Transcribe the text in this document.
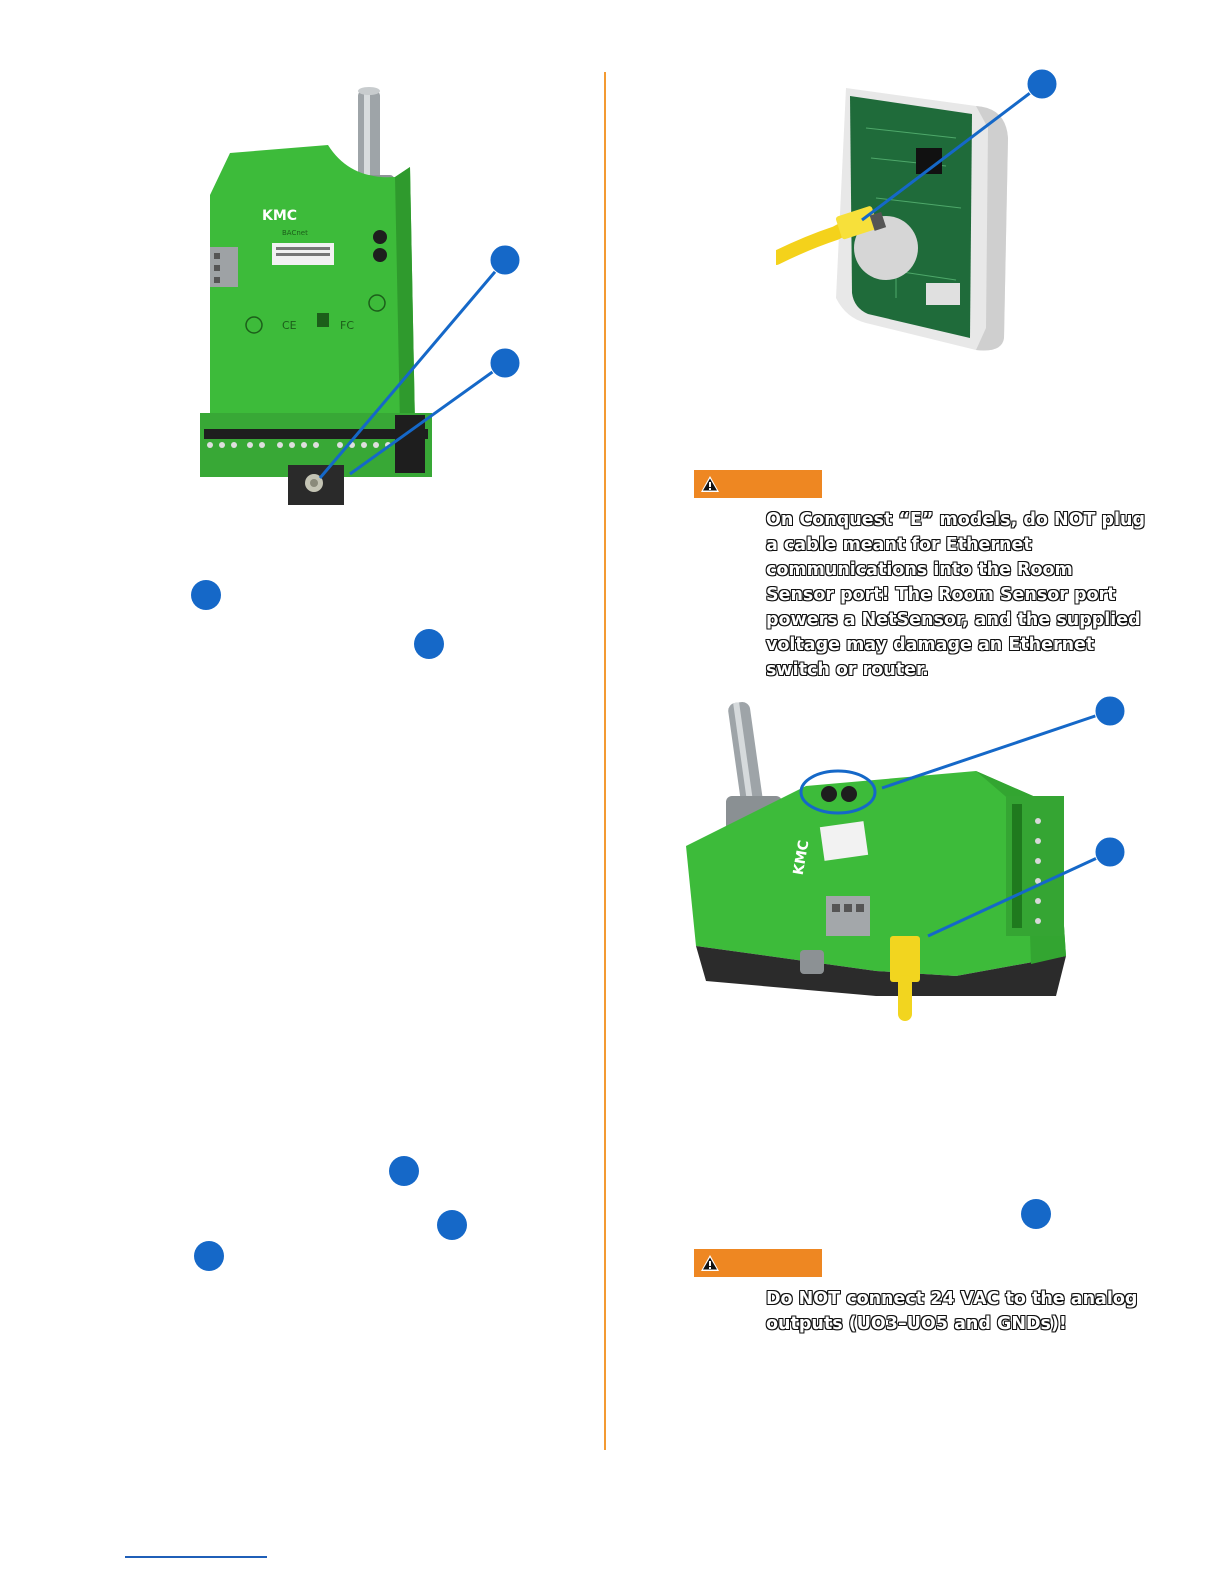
KMC
BACnet
CE	FC
On Conquest “E” models, do NOT plug a cable meant for Ethernet communications into the Room Sensor port! The Room Sensor port powers a NetSensor, and the supplied voltage may damage an Ethernet switch or router.
KMC
Do NOT connect 24 VAC to the analog outputs (UO3–UO5 and GNDs)!
